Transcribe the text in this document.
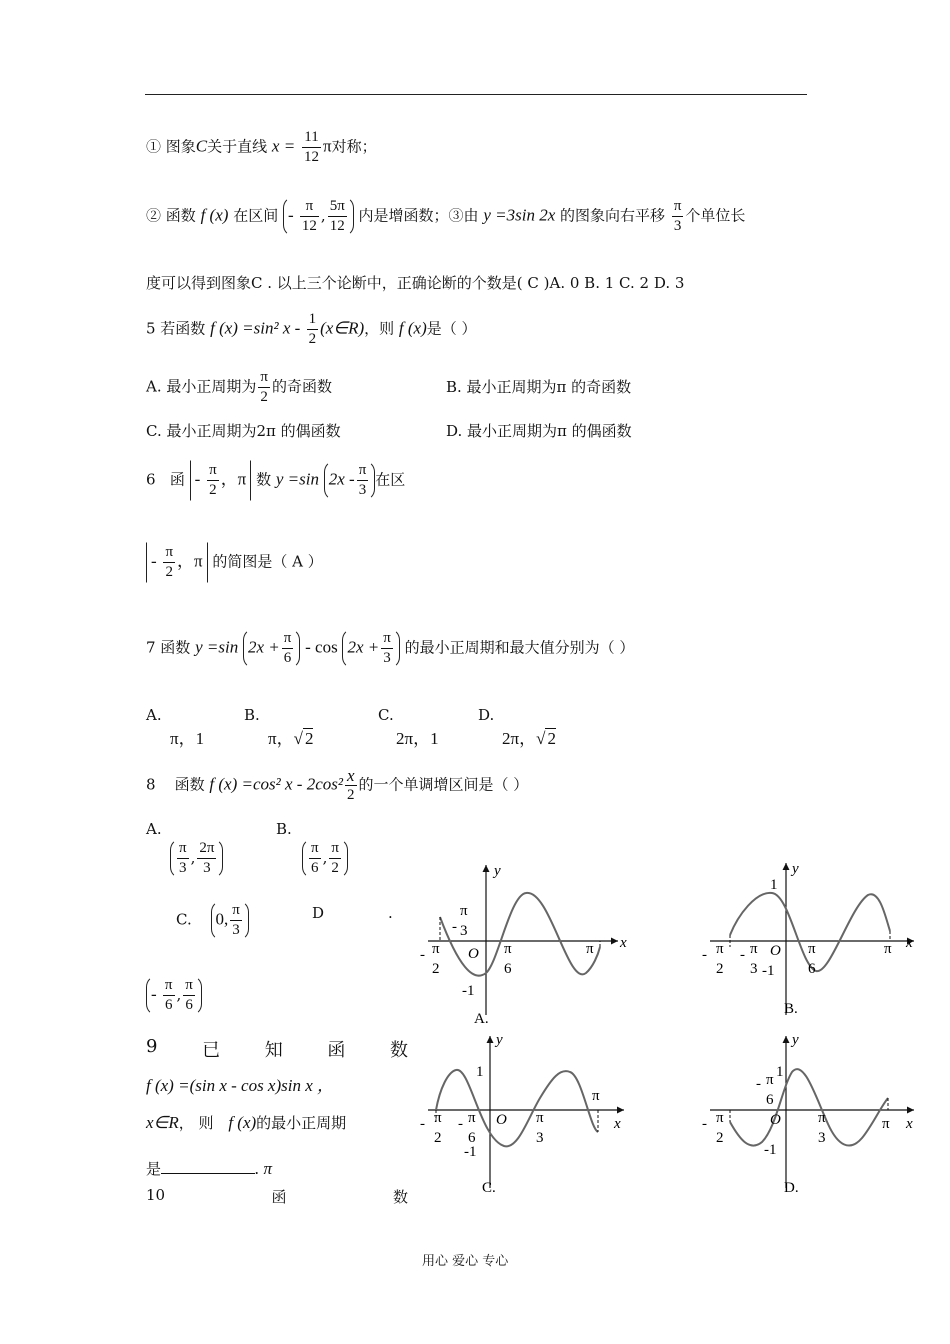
① 图象C关于直线 $x = \frac{11}{12}$ π对称；
② 函数 f (x) 在区间 - $\frac{\pi}{12}$ , $\frac{5\pi}{12}$ 内是增函数；③由 y =3sin 2x 的图象向右平移 $\frac{\pi}{3}$ 个单位长
度可以得到图象C . 以上三个论断中，正确论断的个数是( C )A. 0 B. 1 C. 2 D. 3
5 若函数 f (x) =sin² x - $\frac{1}{2}$ (x∈R)，则 f (x)是（ ）
A. 最小正周期为 $\frac{\pi}{2}$ 的奇函数	B. 最小正周期为π 的奇函数
C. 最小正周期为2π 的偶函数	D. 最小正周期为π 的偶函数
6 函 - $\frac{\pi}{2}$ ，π 数 y =sin $2x - \frac{\pi}{3}$ 在区
- $\frac{\pi}{2}$ ，π 的简图是（ A ）
7 函数 y =sin $2x + \frac{\pi}{6} - \cos 2x + \frac{\pi}{3}$ 的最小正周期和最大值分别为（ ）
A.
π，1
B.
π，√ 2
C.
2π，1
D.
2π，√ 2
8 函数 f (x) =cos² x - $2\cos^2 \frac{x}{2}$ 的一个单调增区间是（ ）
A.

$\frac{\pi}{3}$ , $\frac{2\pi}{3}$
B.

$\frac{\pi}{6}$ , $\frac{\pi}{2}$
C. 0, $\frac{\pi}{3}$	D	.
- $\frac{\pi}{6}$ , $\frac{\pi}{6}$
9 已 知 函 数
f (x) =(sin x - cos x)sin x ，
x∈R， 则 f (x)的最小正周期
是	. π
10	函	数
y
x
-
π
3
- π
2
O π
6
π
-1
A.
y
x
1
- π
2
- π
3
O π
6
π
-1
B.
y
x
1
- π
2
- π
6
O π
3
π
-1
C.
y
x
1
- π
6
- π
2
O π
3
π
-1
D.
用心 爱心 专心
